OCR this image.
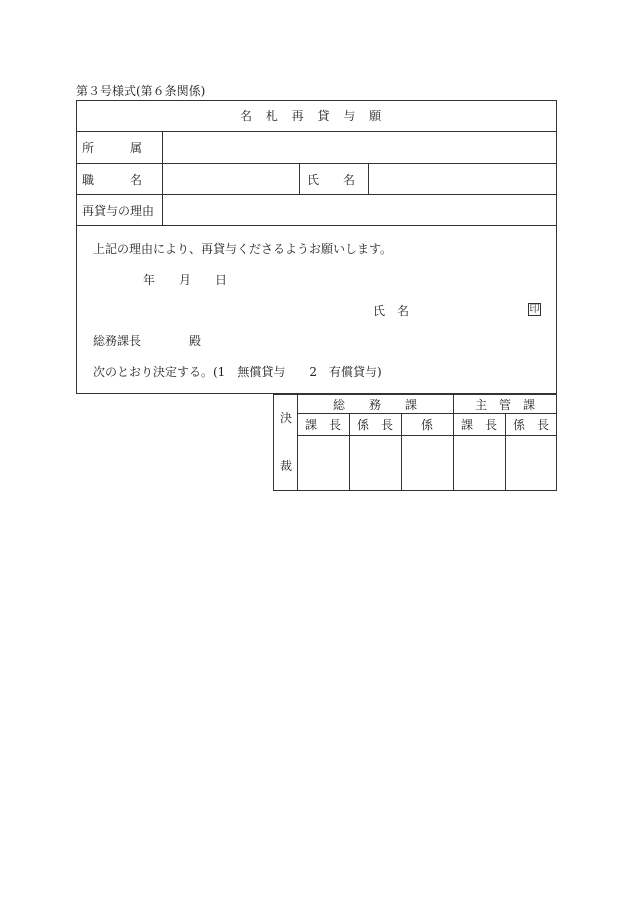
第３号様式(第６条関係)
名 札 再 貸 与 願
所　　　属
職　　　名	氏　　名
再貸与の理由
上記の理由により、再貸与くださるようお願いします。
年　　月　　日
氏　名	印
総務課長　　　　殿
次のとおり決定する。(1　無償貸与　　2　有償貸与)
決
裁
総　　務　　課	主　管　課
課　長	係　長	係	課　長	係　長
